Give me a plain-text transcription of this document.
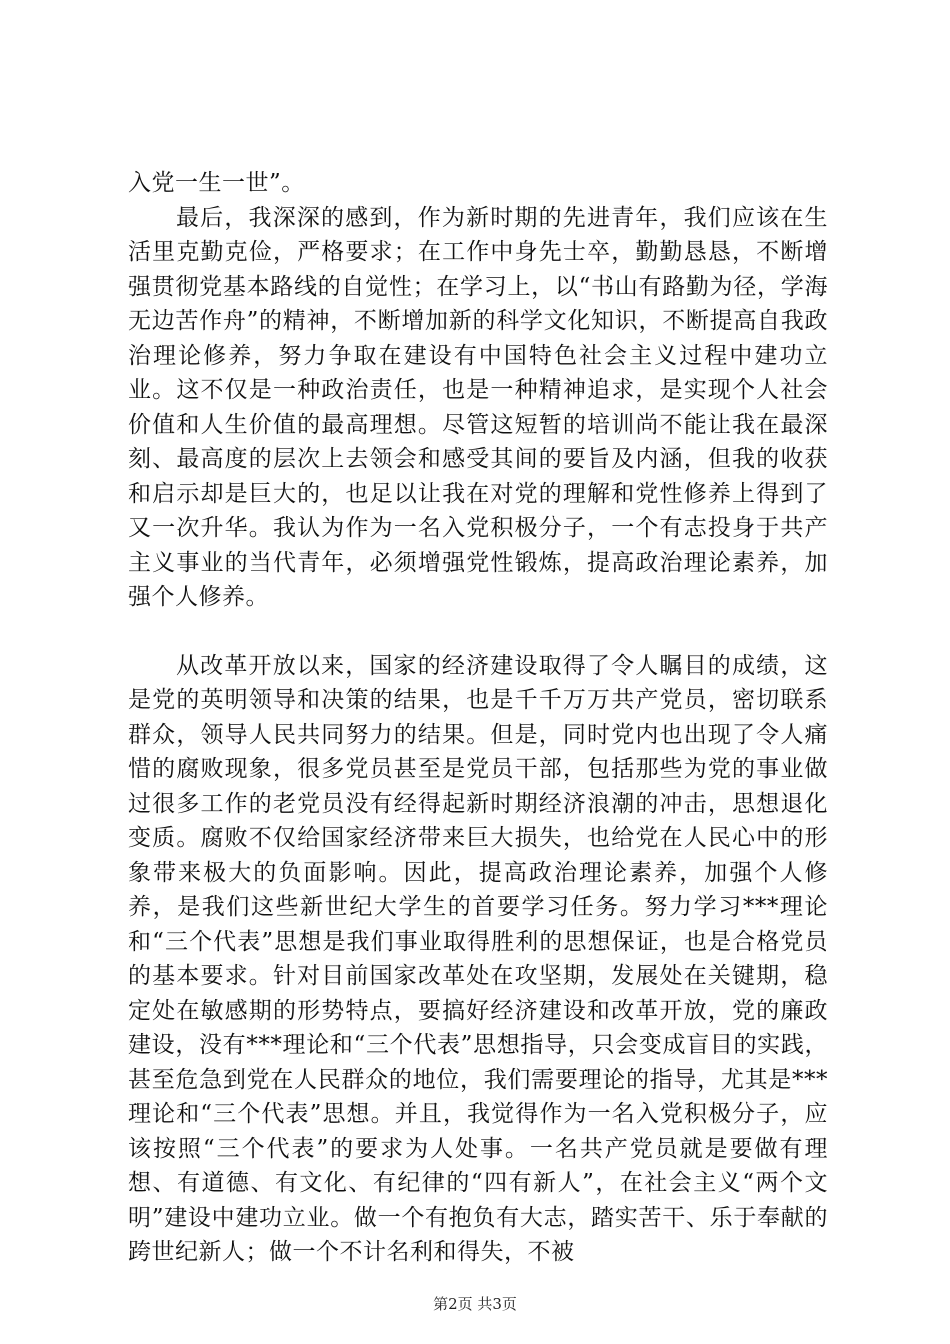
入党一生一世”。

最后，我深深的感到，作为新时期的先进青年，我们应该在生活里克勤克俭，严格要求；在工作中身先士卒，勤勤恳恳，不断增强贯彻党基本路线的自觉性；在学习上，以“书山有路勤为径，学海无边苦作舟”的精神，不断增加新的科学文化知识，不断提高自我政治理论修养，努力争取在建设有中国特色社会主义过程中建功立业。这不仅是一种政治责任，也是一种精神追求，是实现个人社会价值和人生价值的最高理想。尽管这短暂的培训尚不能让我在最深刻、最高度的层次上去领会和感受其间的要旨及内涵，但我的收获和启示却是巨大的，也足以让我在对党的理解和党性修养上得到了又一次升华。我认为作为一名入党积极分子，一个有志投身于共产主义事业的当代青年，必须增强党性锻炼，提高政治理论素养，加强个人修养。

从改革开放以来，国家的经济建设取得了令人瞩目的成绩，这是党的英明领导和决策的结果，也是千千万万共产党员，密切联系群众，领导人民共同努力的结果。但是，同时党内也出现了令人痛惜的腐败现象，很多党员甚至是党员干部，包括那些为党的事业做过很多工作的老党员没有经得起新时期经济浪潮的冲击，思想退化变质。腐败不仅给国家经济带来巨大损失，也给党在人民心中的形象带来极大的负面影响。因此，提高政治理论素养，加强个人修养，是我们这些新世纪大学生的首要学习任务。努力学习***理论和“三个代表”思想是我们事业取得胜利的思想保证，也是合格党员的基本要求。针对目前国家改革处在攻坚期，发展处在关键期，稳定处在敏感期的形势特点，要搞好经济建设和改革开放，党的廉政建设，没有***理论和“三个代表”思想指导，只会变成盲目的实践，甚至危急到党在人民群众的地位，我们需要理论的指导，尤其是***理论和“三个代表”思想。并且，我觉得作为一名入党积极分子，应该按照“三个代表”的要求为人处事。一名共产党员就是要做有理想、有道德、有文化、有纪律的“四有新人”，在社会主义“两个文明”建设中建功立业。做一个有抱负有大志，踏实苦干、乐于奉献的跨世纪新人；做一个不计名利和得失，不被

第2页 共3页
